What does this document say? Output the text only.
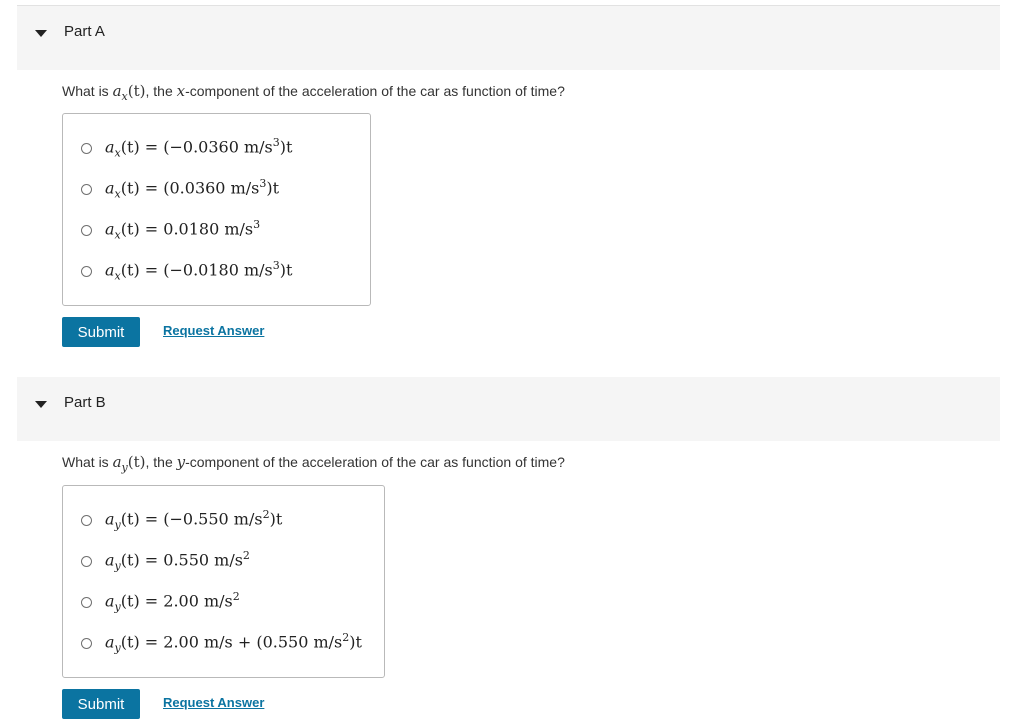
Part A
What is $a_x(t)$, the x-component of the acceleration of the car as function of time?
$a_x(t) = (-0.0360$ $m/s^3)t$
$a_x(t) = (0.0360$ $m/s^3)t$
$a_x(t) = 0.0180$ $m/s^3$
$a_x(t) = (-0.0180$ $m/s^3)t$
Submit	Request Answer
Part B
What is $a_y(t)$, the y-component of the acceleration of the car as function of time?
$a_y(t) = (-0.550$ $m/s^2)t$
$a_y(t) = 0.550$ $m/s^2$
$a_y(t) = 2.00$ $m/s^2$
$a_y(t) = 2.00$ m/s + (0.550 $m/s^2)t$
Submit	Request Answer
